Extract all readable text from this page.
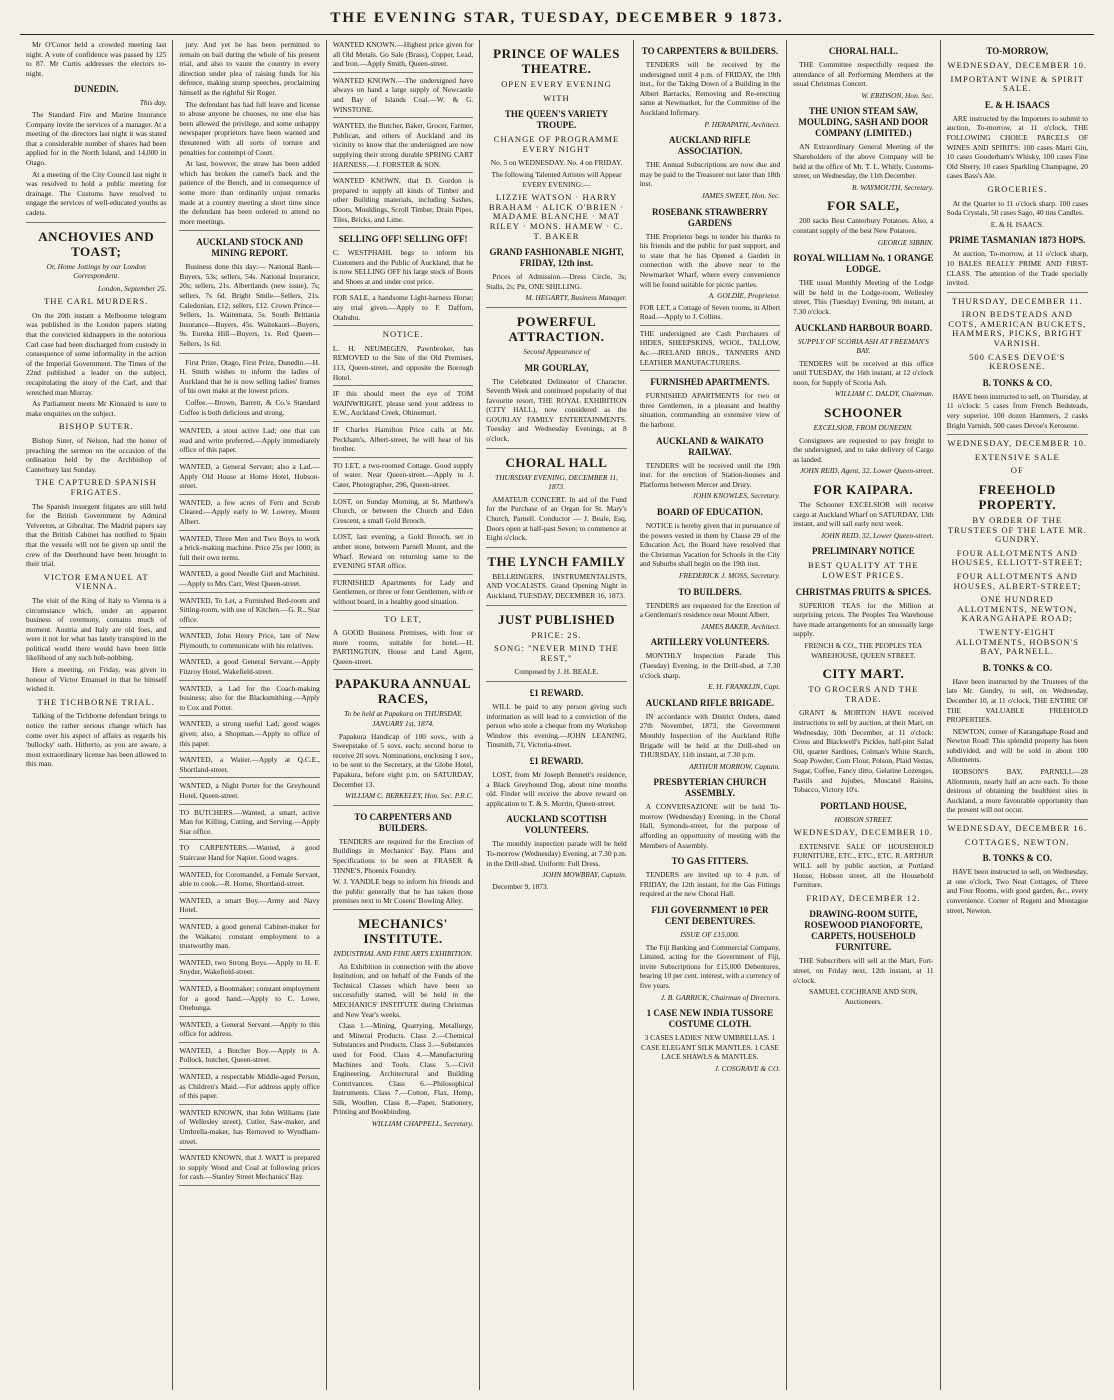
THE EVENING STAR, TUESDAY, DECEMBER 9 1873.

Mr O'Conor held a crowded meeting last night. A vote of confidence was passed by 125 to 87. Mr Curtis addresses the electors to-night.

DUNEDIN.

This day.

The Standard Fire and Marine Insurance Company invite the services of a manager. At a meeting of the directors last night it was stated that a considerable number of shares had been applied for in the North Island, and 14,000 in Otago.

At a meeting of the City Council last night it was resolved to hold a public meeting for drainage. The Customs have resolved to engage the services of well-educated youths as cadets.

ANCHOVIES AND TOAST;
Or, Home Jottings by our London Correspondent.

London, September 25.

THE CARL MURDERS.

On the 20th instant a Melbourne telegram was published in the London papers stating that the convicted kidnappers in the notorious Carl case had been discharged from custody in consequence of some informality in the action of the Imperial Government. The Times of the 22nd published a leader on the subject, recapitulating the story of the Carl, and that wretched man Murray.

As Parliament meets Mr Kinnaird is sure to make enquiries on the subject.

BISHOP SUTER.

Bishop Suter, of Nelson, had the honor of preaching the sermon on the occasion of the ordination held by the Archbishop of Canterbury last Sunday.

THE CAPTURED SPANISH FRIGATES.

The Spanish insurgent frigates are still held for the British Government by Admiral Yelverton, at Gibraltar. The Madrid papers say that the British Cabinet has notified to Spain that the vessels will not be given up until the crew of the Deerhound have been brought to their trial.

VICTOR EMANUEL AT VIENNA.

The visit of the King of Italy to Vienna is a circumstance which, under an apparent business of ceremony, contains much of moment. Austria and Italy are old foes, and were it not for what has lately transpired in the political world there would have been little likelihood of any such hob-nobbing.

Here a meeting, on Friday, was given in honour of Victor Emanuel in that he himself wished it.

THE TICHBORNE TRIAL.

Talking of the Tichborne defendant brings to notice the rather serious change which has come over his aspect of affairs as regards his 'bullocky' oath. Hitherto, as you are aware, a most extraordinary license has been allowed to this man.

jury. And yet he has been permitted to remain on bail during the whole of his present trial, and also to vaunt the country in every direction under plea of raising funds for his defence, making stump speeches, proclaiming himself as the rightful Sir Roger.

The defendant has had full leave and license to abuse anyone he chooses, no one else has been allowed the privilege, and some unhappy newspaper proprietors have been warned and threatened with all sorts of torture and penalties for contempt of Court.

At last, however, the straw has been added which has broken the camel's back and the patience of the Bench, and in consequence of some more than ordinarily unjust remarks made at a country meeting a short time since the defendant has been ordered to attend no more meetings.

AUCKLAND STOCK AND MINING REPORT.

Business done this day:— National Bank—Buyers, 53s; sellers, 54s. National Insurance, 20s; sellers, 21s. Albertlands (new issue), 7s; sellers, 7s 6d. Bright Smile—Sellers, 21s. Caledonian, £12; sellers, £12. Crown Prince—Sellers, 1s. Waitemata, 5s. South Brittania Insurance—Buyers, 45s. Waitekauri—Buyers, 9s. Eureka Hill—Buyers, 1s. Red Queen—Sellers, 1s 6d.

First Prize, Otago, First Prize, Dunedin.—H. H. Smith wishes to inform the ladies of Auckland that he is now selling ladies' frames of his own make at the lowest prices.

Coffee.—Brown, Barrett, & Co.'s Standard Coffee is both delicious and strong.

WANTED, a stout active Lad; one that can read and write preferred.—Apply immediately office of this paper.
WANTED, a General Servant; also a Lad.—Apply Old House at Home Hotel, Hobson-street.
WANTED, a few acres of Fern and Scrub Cleared.—Apply early to W. Lowrey, Mount Albert.
WANTED, Three Men and Two Boys to work a brick-making machine. Price 25s per 1000; in full their own terms.
WANTED, a good Needle Girl and Machinist.—Apply to Mrs Carr, West Queen-street.
WANTED, To Let, a Furnished Bed-room and Sitting-room, with use of Kitchen.—G. R., Star office.
WANTED, John Henry Price, late of New Plymouth, to communicate with his relatives.
WANTED, a good General Servant.—Apply Fitzroy Hotel, Wakefield-street.
WANTED, a Lad for the Coach-making business; also for the Blacksmithing.—Apply to Cox and Potter.
WANTED, a strong useful Lad; good wages given; also, a Shopman.—Apply to office of this paper.
WANTED, a Waiter.—Apply at Q.C.E., Shortland-street.
WANTED, a Night Porter for the Greyhound Hotel, Queen-street.
TO BUTCHERS.—Wanted, a smart, active Man for Killing, Cutting, and Serving.—Apply Star office.
TO CARPENTERS.—Wanted, a good Staircase Hand for Napier. Good wages.
WANTED, for Coromandel, a Female Servant, able to cook.—R. Horne, Shortland-street.
WANTED, a smart Boy.—Army and Navy Hotel.
WANTED, a good general Cabinet-maker for the Waikato; constant employment to a trustworthy man.
WANTED, two Strong Boys.—Apply to H. F. Snyder, Wakefield-street.
WANTED, a Bootmaker; constant employment for a good hand.—Apply to C. Lowe, Onehunga.
WANTED, a General Servant.—Apply to this office for address.
WANTED, a Butcher Boy.—Apply to A. Pollock, butcher, Queen-street.
WANTED, a respectable Middle-aged Person, as Children's Maid.—For address apply office of this paper.
WANTED KNOWN, that John Williams (late of Wellesley street), Cutler, Saw-maker, and Umbrella-maker, has Removed to Wyndham-street.
WANTED KNOWN, that J. WATT is prepared to supply Wood and Coal at following prices for cash.—Stanley Street Mechanics' Bay.
WANTED KNOWN.—Highest price given for all Old Metals. Go Sale (Brass), Copper, Lead, and Iron.—Apply Smith, Queen-street.
WANTED KNOWN.—The undersigned have always on hand a large supply of Newcastle and Bay of Islands Coal.—W. & G. WINSTONE.
WANTED, the Butcher, Baker, Grocer, Farmer, Publican, and others of Auckland and its vicinity to know that the undersigned are now supplying their strong durable SPRING CART HARNESS.—J. FORSTER & SON.
WANTED KNOWN, that D. Gordon is prepared to supply all kinds of Timber and other Building materials, including Sashes, Doors, Mouldings, Scroll Timber, Drain Pipes, Tiles, Bricks, and Lime.
SELLING OFF! SELLING OFF!
C. WESTPHAHL begs to inform his Customers and the Public of Auckland, that he is now SELLING OFF his large stock of Boots and Shoes at and under cost price.
FOR SALE, a handsome Light-harness Horse; any trial given.—Apply to F. Dafforn, Otahuhu.
NOTICE.
L. H. NEUMEGEN, Pawnbroker, has REMOVED to the Site of the Old Premises, 113, Queen-street, and opposite the Borough Hotel.
IF this should meet the eye of TOM WAINWRIGHT, please send your address to E.W., Auckland Creek, Ohinemuri.
IF Charles Hamilton Price calls at Mr. Peckham's, Albert-street, he will hear of his brother.
TO LET, a two-roomed Cottage. Good supply of water. Near Queen-street.—Apply to J. Cater, Photographer, 296, Queen-street.
LOST, on Sunday Morning, at St. Matthew's Church, or between the Church and Eden Crescent, a small Gold Brooch.
LOST, last evening, a Gold Brooch, set in amber stone, between Parnell Mount, and the Wharf. Reward on returning same to the EVENING STAR office.
FURNISHED Apartments for Lady and Gentlemen, or three or four Gentlemen, with or without board, in a healthy good situation.
TO LET,
A GOOD Business Premises, with four or more rooms, suitable for hotel.—H. PARTINGTON, House and Land Agent, Queen-street.
PAPAKURA ANNUAL RACES,
To be held at Papakura on THURSDAY, JANUARY 1st, 1874.

Papakura Handicap of 100 sovs., with a Sweepstake of 5 sovs. each; second horse to receive 20 sovs. Nominations, enclosing 1 sov., to be sent to the Secretary, at the Globe Hotel, Papakura, before eight p.m. on SATURDAY, December 13.

WILLIAM C. BERKELEY, Hon. Sec. P.R.C.

TO CARPENTERS AND BUILDERS.

TENDERS are required for the Erection of Buildings in Mechanics' Bay. Plans and Specifications to be seen at FRASER & TINNE'S, Phoenix Foundry.

W. J. YANDLE begs to inform his friends and the public generally that he has taken those premises next to Mr Cosens' Bowling Alley.
MECHANICS' INSTITUTE.
INDUSTRIAL AND FINE ARTS EXHIBITION.

An Exhibition in connection with the above Institution, and on behalf of the Funds of the Technical Classes which have been so successfully started, will be held in the MECHANICS' INSTITUTE during Christmas and New Year's weeks.

Class 1.—Mining, Quarrying, Metallurgy, and Mineral Products. Class 2.—Chemical Substances and Products. Class 3.—Substances used for Food. Class 4.—Manufacturing Machines and Tools. Class 5.—Civil Engineering, Architectural and Building Contrivances. Class 6.—Philosophical Instruments. Class 7.—Cotton, Flax, Hemp, Silk, Woollen. Class 8.—Paper, Stationery, Printing and Bookbinding.

WILLIAM CHAPPELL, Secretary.

PRINCE OF WALES THEATRE.
OPEN EVERY EVENING
WITH
THE QUEEN'S VARIETY TROUPE.
CHANGE OF PROGRAMME EVERY NIGHT

No. 5 on WEDNESDAY. No. 4 on FRIDAY.

The following Talented Artistes will Appear EVERY EVENING:—

LIZZIE WATSON · HARRY BRAHAM · ALICK O'BRIEN · MADAME BLANCHE · MAT RILEY · MONS. HAMEW · C. T. BAKER
GRAND FASHIONABLE NIGHT, FRIDAY, 12th inst.

Prices of Admission.—Dress Circle, 3s; Stalls, 2s; Pit, ONE SHILLING.

M. HEGARTY, Business Manager.

POWERFUL ATTRACTION.
Second Appearance of
MR GOURLAY,

The Celebrated Delineator of Character. Seventh Week and continued popularity of that favourite resort, THE ROYAL EXHIBITION (CITY HALL), now considered as the GOURLAY FAMILY ENTERTAINMENTS. Tuesday and Wednesday Evenings, at 8 o'clock.

CHORAL HALL
THURSDAY EVENING, DECEMBER 11, 1873.

AMATEUR CONCERT. In aid of the Fund for the Purchase of an Organ for St. Mary's Church, Parnell. Conductor — J. Beale, Esq. Doors open at half-past Seven; to commence at Eight o'clock.

THE LYNCH FAMILY

BELLRINGERS, INSTRUMENTALISTS, AND VOCALISTS. Grand Opening Night in Auckland, TUESDAY, DECEMBER 16, 1873.

JUST PUBLISHED
PRICE: 2S.
SONG: "NEVER MIND THE REST,"

Composed by J. H. BEALE.

£1 REWARD.

WILL be paid to any person giving such information as will lead to a conviction of the person who stole a cheque from my Workshop Window this evening.—JOHN LEANING, Tinsmith, 71, Victoria-street.

£1 REWARD.

LOST, from Mr Joseph Bennett's residence, a Black Greyhound Dog, about nine months old. Finder will receive the above reward on application to T. & S. Morrin, Queen-street.

AUCKLAND SCOTTISH VOLUNTEERS.

The monthly inspection parade will be held To-morrow (Wednesday) Evening, at 7.30 p.m. in the Drill-shed. Uniform: Full Dress.

JOHN MOWBRAY, Captain.

December 9, 1873.

TO CARPENTERS & BUILDERS.

TENDERS will be received by the undersigned until 4 p.m. of FRIDAY, the 19th inst., for the Taking Down of a Building in the Albert Barracks, Removing and Re-erecting same at Newmarket, for the Committee of the Auckland Infirmary.

P. HERAPATH, Architect.

AUCKLAND RIFLE ASSOCIATION.

THE Annual Subscriptions are now due and may be paid to the Treasurer not later than 18th inst.

JAMES SWEET, Hon. Sec.

ROSEBANK STRAWBERRY GARDENS

THE Proprietor begs to tender his thanks to his friends and the public for past support, and to state that he has Opened a Garden in connection with the above near to the Newmarket Wharf, where every convenience will be found suitable for picnic parties.

A. GOLDIE, Proprietor.

FOR LET, a Cottage of Seven rooms, in Albert Road.—Apply to J. Collins.
THE undersigned are Cash Purchasers of HIDES, SHEEPSKINS, WOOL, TALLOW, &c.—IRELAND BROS., TANNERS AND LEATHER MANUFACTURERS.
FURNISHED APARTMENTS.

FURNISHED APARTMENTS for two or three Gentlemen, in a pleasant and healthy situation, commanding an extensive view of the harbour.

AUCKLAND & WAIKATO RAILWAY.

TENDERS will be received until the 19th inst. for the erection of Station-houses and Platforms between Mercer and Drury.

JOHN KNOWLES, Secretary.

BOARD OF EDUCATION.

NOTICE is hereby given that in pursuance of the powers vested in them by Clause 29 of the Education Act, the Board have resolved that the Christmas Vacation for Schools in the City and Suburbs shall begin on the 19th inst.

FREDERICK J. MOSS, Secretary.

TO BUILDERS.

TENDERS are requested for the Erection of a Gentleman's residence near Mount Albert.

JAMES BAKER, Architect.

ARTILLERY VOLUNTEERS.

MONTHLY Inspection Parade This (Tuesday) Evening, in the Drill-shed, at 7.30 o'clock sharp.

E. H. FRANKLIN, Capt.

AUCKLAND RIFLE BRIGADE.

IN accordance with District Orders, dated 27th November, 1873, the Government Monthly Inspection of the Auckland Rifle Brigade will be held at the Drill-shed on THURSDAY, 11th instant, at 7.30 p.m.

ARTHUR MORROW, Captain.

PRESBYTERIAN CHURCH ASSEMBLY.

A CONVERSAZIONE will be held To-morrow (Wednesday) Evening, in the Choral Hall, Symonds-street, for the purpose of affording an opportunity of meeting with the Members of Assembly.

TO GAS FITTERS.

TENDERS are invited up to 4 p.m. of FRIDAY, the 12th instant, for the Gas Fittings required at the new Choral Hall.

FIJI GOVERNMENT 10 PER CENT DEBENTURES.
ISSUE OF £15,000.

The Fiji Banking and Commercial Company, Limited, acting for the Government of Fiji, invite Subscriptions for £15,000 Debentures, bearing 10 per cent. interest, with a currency of five years.

J. B. GARRICK, Chairman of Directors.

1 CASE NEW INDIA TUSSORE COSTUME CLOTH.

3 CASES LADIES' NEW UMBRELLAS. 1 CASE ELEGANT SILK MANTLES. 1 CASE LACE SHAWLS & MANTLES.

J. COSGRAVE & CO.

CHORAL HALL.

THE Committee respectfully request the attendance of all Performing Members at the usual Christmas Concert.

W. ERIDSON, Hon. Sec.

THE UNION STEAM SAW, MOULDING, SASH AND DOOR COMPANY (LIMITED.)

AN Extraordinary General Meeting of the Shareholders of the above Company will be held at the office of Mr. T. L. Whitly, Customs-street, on Wednesday, the 11th December.

R. WAYMOUTH, Secretary.

FOR SALE,

200 sacks Best Canterbury Potatoes. Also, a constant supply of the best New Potatoes.

GEORGE SIBBIN.

ROYAL WILLIAM No. 1 ORANGE LODGE.

THE usual Monthly Meeting of the Lodge will be held in the Lodge-room, Wellesley street, This (Tuesday) Evening, 9th instant, at 7.30 o'clock.

AUCKLAND HARBOUR BOARD.
SUPPLY OF SCORIA ASH AT FREEMAN'S BAY.

TENDERS will be received at this office until TUESDAY, the 16th instant, at 12 o'clock noon, for Supply of Scoria Ash.

WILLIAM C. DALDY, Chairman.

SCHOONER
EXCELSIOR, FROM DUNEDIN.

Consignees are requested to pay freight to the undersigned, and to take delivery of Cargo as landed.

JOHN REID, Agent, 32, Lower Queen-street.

FOR KAIPARA.

The Schooner EXCELSIOR will receive cargo at Auckland Wharf on SATURDAY, 13th instant, and will sail early next week.

JOHN REID, 32, Lower Queen-street.

PRELIMINARY NOTICE
BEST QUALITY AT THE LOWEST PRICES.
CHRISTMAS FRUITS & SPICES.

SUPERIOR TEAS for the Million at surprising prices. The Peoples Tea Warehouse have made arrangements for an unusually large supply.

FRENCH & CO., THE PEOPLES TEA WAREHOUSE, QUEEN STREET.

CITY MART.
TO GROCERS AND THE TRADE.

GRANT & MORTON HAVE received instructions to sell by auction, at their Mart, on Wednesday, 10th December, at 11 o'clock: Cross and Blackwell's Pickles, half-pint Salad Oil, quarter Sardines, Colman's White Starch, Soap Powder, Corn Flour, Polson, Plaid Vestas, Sugar, Coffee, Fancy ditto, Gelatine Lozenges, Pastils and Jujubes, Muscatel Raisins, Tobacco, Victory 10's.

PORTLAND HOUSE,
HOBSON STREET.
WEDNESDAY, DECEMBER 10.

EXTENSIVE SALE OF HOUSEHOLD FURNITURE, ETC., ETC., ETC. R. ARTHUR WILL sell by public auction, at Portland House, Hobson street, all the Household Furniture.

FRIDAY, DECEMBER 12.
DRAWING-ROOM SUITE, ROSEWOOD PIANOFORTE, CARPETS, HOUSEHOLD FURNITURE.

THE Subscribers will sell at the Mart, Fort-street, on Friday next, 12th instant, at 11 o'clock.

SAMUEL COCHRANE AND SON, Auctioneers.

TO-MORROW,
WEDNESDAY, DECEMBER 10.
IMPORTANT WINE & SPIRIT SALE.
E. & H. ISAACS

ARE instructed by the Importers to submit to auction, To-morrow, at 11 o'clock, THE FOLLOWING CHOICE PARCELS OF WINES AND SPIRITS: 100 cases Marti Gin, 10 cases Gooderham's Whisky, 100 cases Fine Old Sherry, 10 cases Sparkling Champagne, 20 cases Bass's Ale.

GROCERIES.

At the Quarter to 11 o'clock sharp. 100 cases Soda Crystals, 50 cases Sago, 40 tins Candles.

E. & H. ISAACS.

PRIME TASMANIAN 1873 HOPS.

At auction, To-morrow, at 11 o'clock sharp, 10 BALES REALLY PRIME AND FIRST-CLASS. The attention of the Trade specially invited.

THURSDAY, DECEMBER 11.
IRON BEDSTEADS AND COTS, AMERICAN BUCKETS, HAMMERS, PICKS, BRIGHT VARNISH.
500 CASES DEVOE'S KEROSENE.
B. TONKS & CO.

HAVE been instructed to sell, on Thursday, at 11 o'clock: 5 cases from French Bedsteads, very superior, 100 dozen Hammers, 2 casks Bright Varnish, 500 cases Devoe's Kerosene.

WEDNESDAY, DECEMBER 10.
EXTENSIVE SALE
OF
FREEHOLD PROPERTY.
BY ORDER OF THE TRUSTEES OF THE LATE MR. GUNDRY.
FOUR ALLOTMENTS AND HOUSES, ELLIOTT-STREET;
FOUR ALLOTMENTS AND HOUSES, ALBERT-STREET;
ONE HUNDRED ALLOTMENTS, NEWTON, KARANGAHAPE ROAD;
TWENTY-EIGHT ALLOTMENTS, HOBSON'S BAY, PARNELL.
B. TONKS & CO.

Have been instructed by the Trustees of the late Mr. Gundry, to sell, on Wednesday, December 10, at 11 o'clock, THE ENTIRE OF THE VALUABLE FREEHOLD PROPERTIES.

NEWTON, corner of Karangahape Road and Newton Road: This splendid property has been subdivided, and will be sold in about 100 Allotments.

HOBSON'S BAY, PARNELL—28 Allotments, nearly half an acre each. To those desirous of obtaining the healthiest sites in Auckland, a more favourable opportunity than the present will not occur.

WEDNESDAY, DECEMBER 16.
COTTAGES, NEWTON.
B. TONKS & CO.

HAVE been instructed to sell, on Wednesday, at one o'clock, Two Neat Cottages, of Three and Four Rooms, with good garden, &c., every convenience. Corner of Regent and Montague street, Newton.
